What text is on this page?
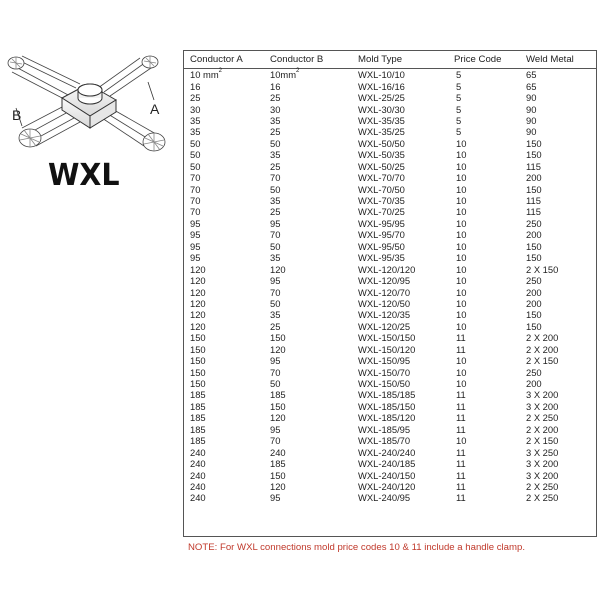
B	A
WXL
Conductor A	Conductor B	Mold Type	Price Code	Weld Metal
10 $mm^2$	$10mm^2$	WXL-10/10	5	65
16	16	WXL-16/16	5	65
25	25	WXL-25/25	5	90
30	30	WXL-30/30	5	90
35	35	WXL-35/35	5	90
35	25	WXL-35/25	5	90
50	50	WXL-50/50	10	150
50	35	WXL-50/35	10	150
50	25	WXL-50/25	10	115
70	70	WXL-70/70	10	200
70	50	WXL-70/50	10	150
70	35	WXL-70/35	10	115
70	25	WXL-70/25	10	115
95	95	WXL-95/95	10	250
95	70	WXL-95/70	10	200
95	50	WXL-95/50	10	150
95	35	WXL-95/35	10	150
120	120	WXL-120/120	10	2 X 150
120	95	WXL-120/95	10	250
120	70	WXL-120/70	10	200
120	50	WXL-120/50	10	200
120	35	WXL-120/35	10	150
120	25	WXL-120/25	10	150
150	150	WXL-150/150	11	2 X 200
150	120	WXL-150/120	11	2 X 200
150	95	WXL-150/95	10	2 X 150
150	70	WXL-150/70	10	250
150	50	WXL-150/50	10	200
185	185	WXL-185/185	11	3 X 200
185	150	WXL-185/150	11	3 X 200
185	120	WXL-185/120	11	2 X 250
185	95	WXL-185/95	11	2 X 200
185	70	WXL-185/70	10	2 X 150
240	240	WXL-240/240	11	3 X 250
240	185	WXL-240/185	11	3 X 200
240	150	WXL-240/150	11	3 X 200
240	120	WXL-240/120	11	2 X 250
240	95	WXL-240/95	11	2 X 250
NOTE: For WXL connections mold price codes 10 & 11 include a handle clamp.
